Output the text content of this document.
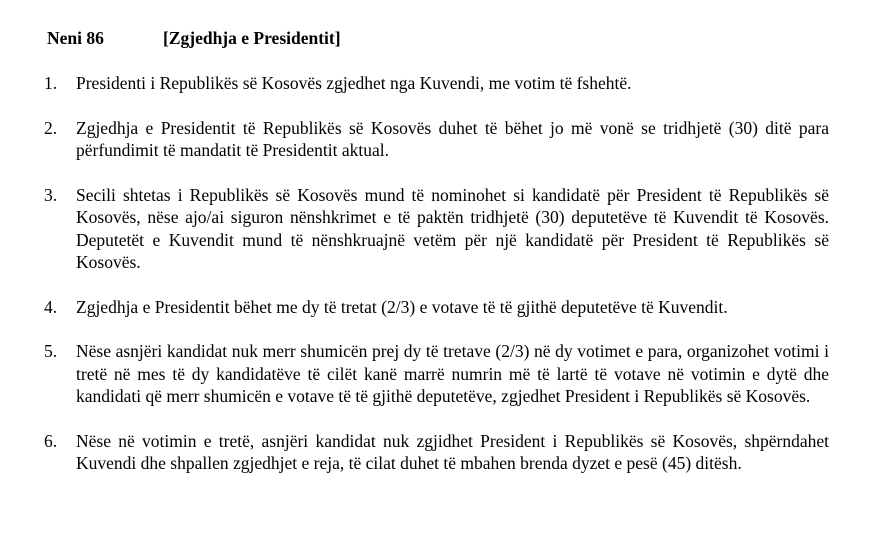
Neni 86	[Zgjedhja e Presidentit]
1.	Presidenti i Republikës së Kosovës zgjedhet nga Kuvendi, me votim të fshehtë.
2.	Zgjedhja e Presidentit të Republikës së Kosovës duhet të bëhet jo më vonë se tridhjetë (30) ditë para përfundimit të mandatit të Presidentit aktual.
3.	Secili shtetas i Republikës së Kosovës mund të nominohet si kandidatë për President të Republikës së Kosovës, nëse ajo/ai siguron nënshkrimet e të paktën tridhjetë (30) deputetëve të Kuvendit të Kosovës. Deputetët e Kuvendit mund të nënshkruajnë vetëm për një kandidatë për President të Republikës së Kosovës.
4.	Zgjedhja e Presidentit bëhet me dy të tretat (2/3) e votave të të gjithë deputetëve të Kuvendit.
5.	Nëse asnjëri kandidat nuk merr shumicën prej dy të tretave (2/3) në dy votimet e para, organizohet votimi i tretë në mes të dy kandidatëve të cilët kanë marrë numrin më të lartë të votave në votimin e dytë dhe kandidati që merr shumicën e votave të të gjithë deputetëve, zgjedhet President i Republikës së Kosovës.
6.	Nëse në votimin e tretë, asnjëri kandidat nuk zgjidhet President i Republikës së Kosovës, shpërndahet Kuvendi dhe shpallen zgjedhjet e reja, të cilat duhet të mbahen brenda dyzet e pesë (45) ditësh.
